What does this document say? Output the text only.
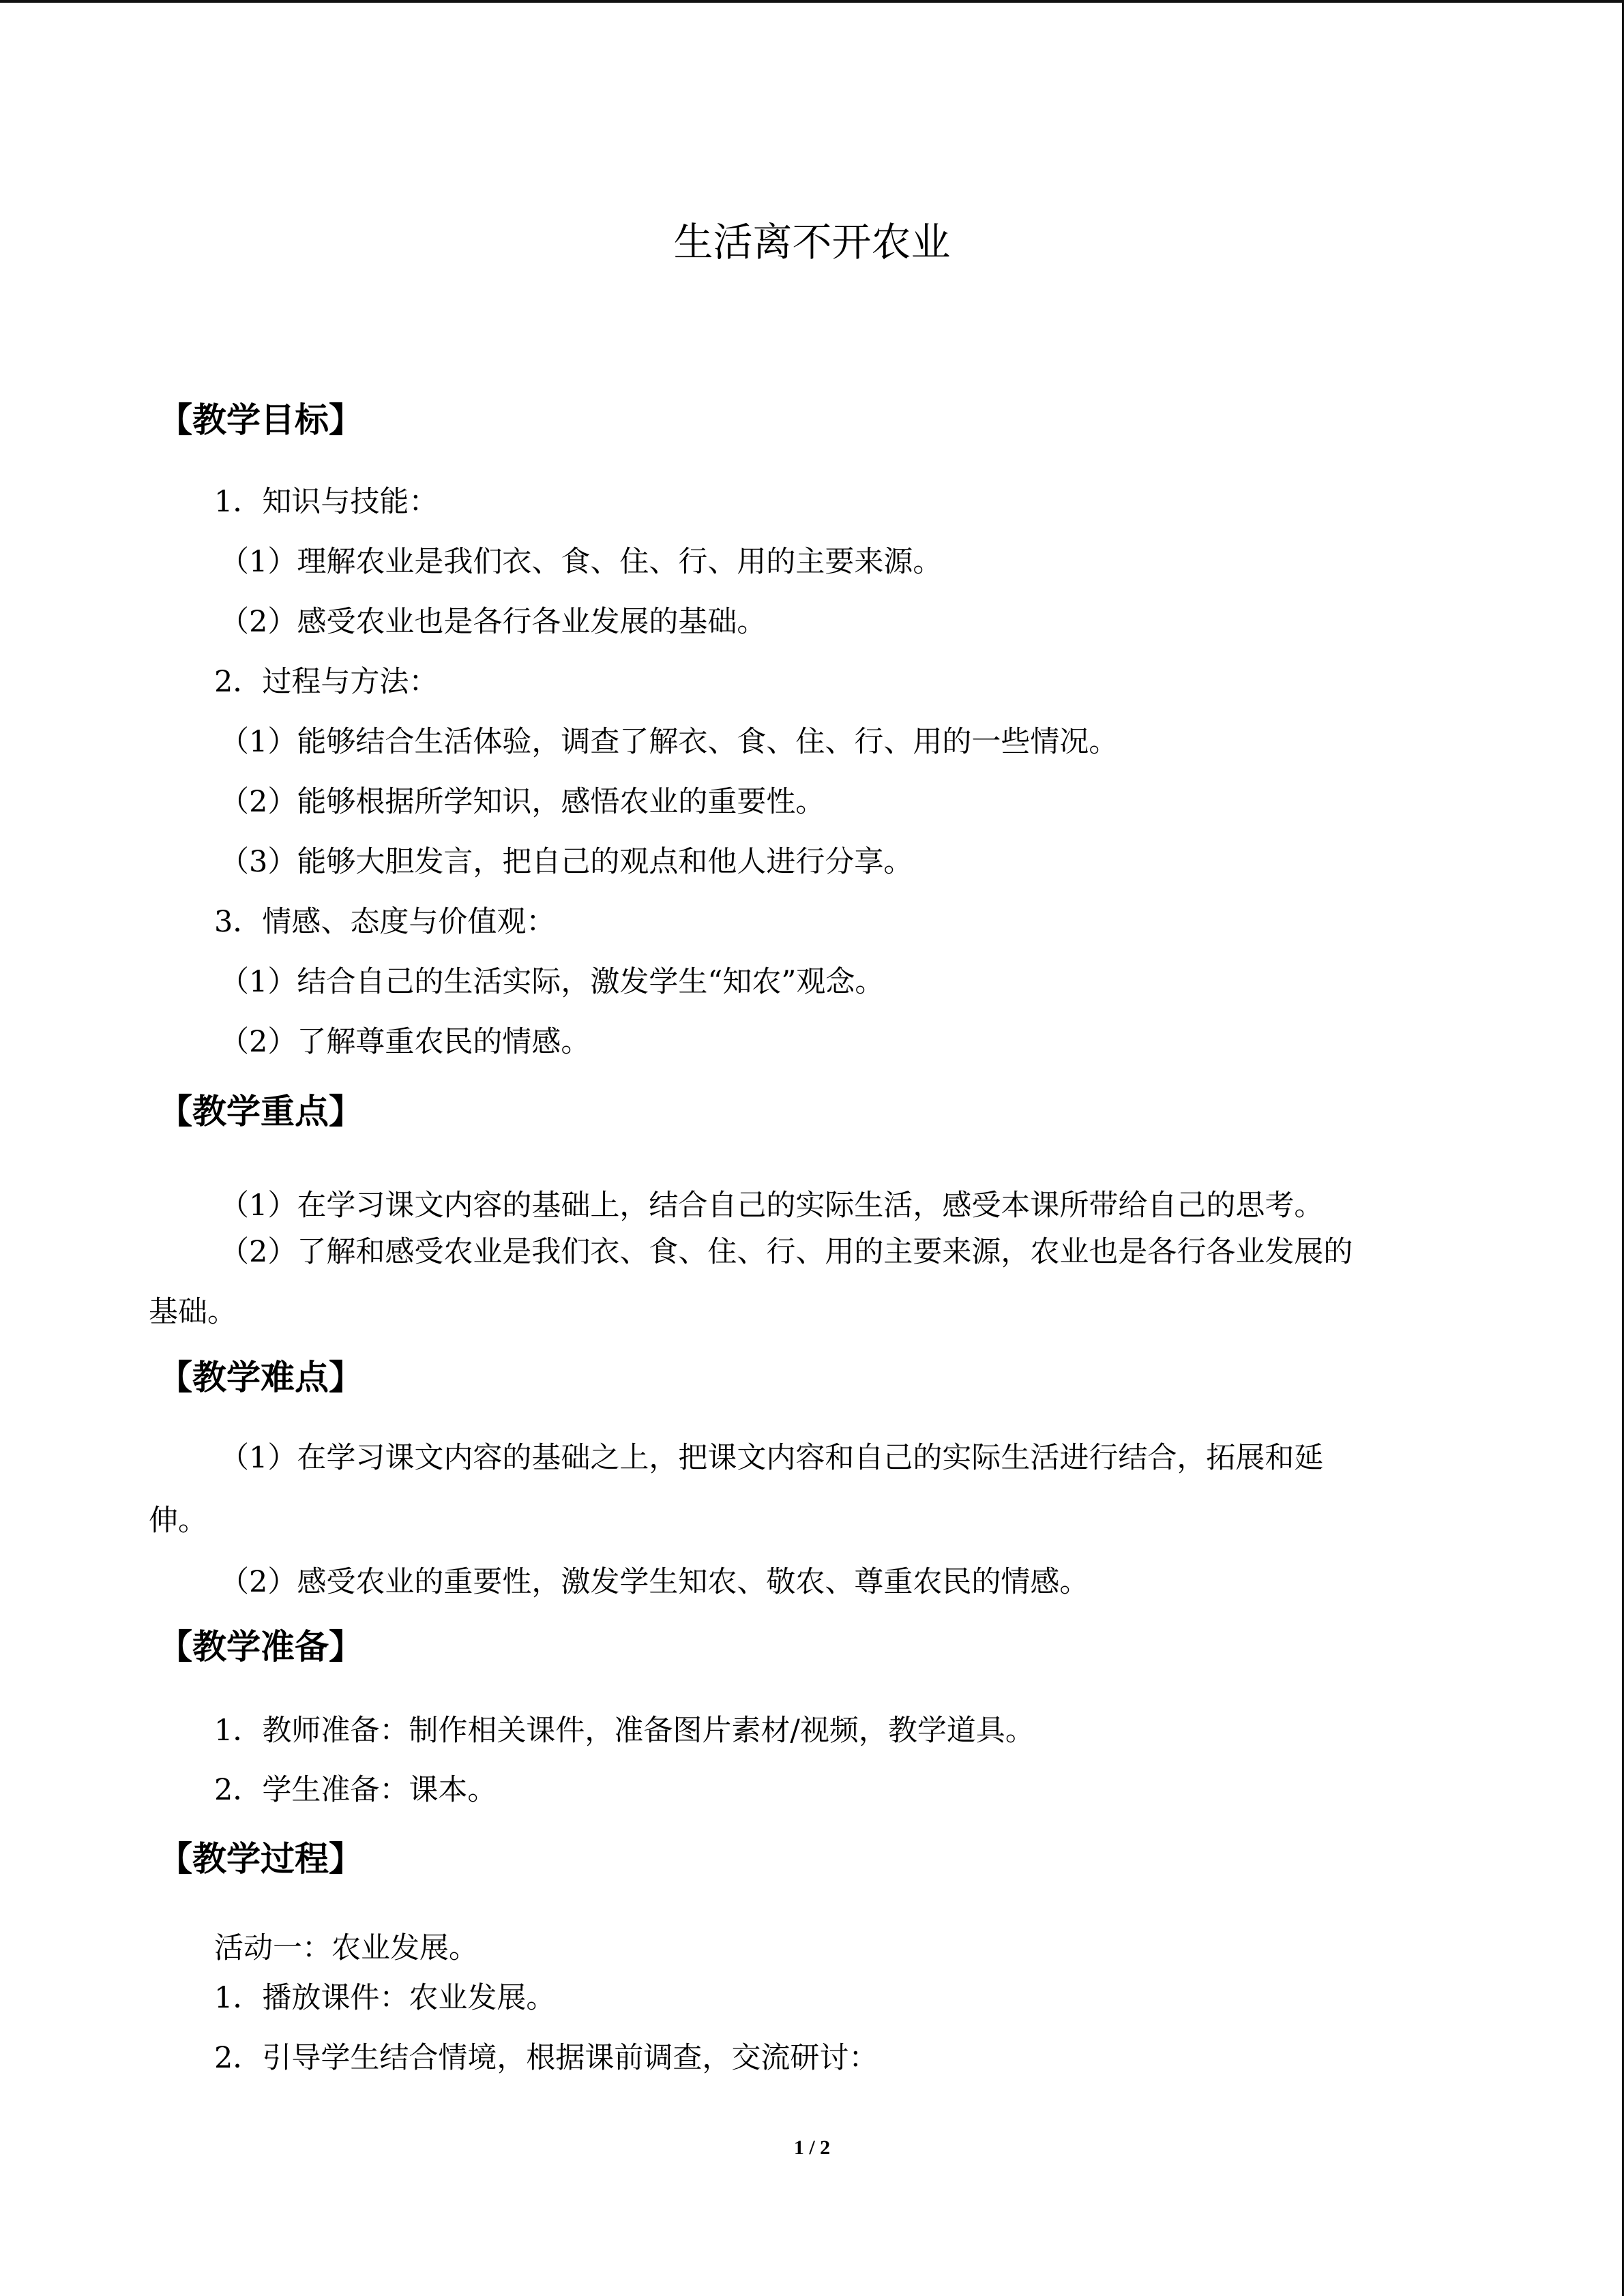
生活离不开农业
【教学目标】
1．知识与技能：
（1）理解农业是我们衣、食、住、行、用的主要来源。
（2）感受农业也是各行各业发展的基础。
2．过程与方法：
（1）能够结合生活体验，调查了解衣、食、住、行、用的一些情况。
（2）能够根据所学知识，感悟农业的重要性。
（3）能够大胆发言，把自己的观点和他人进行分享。
3．情感、态度与价值观：
（1）结合自己的生活实际，激发学生“知农”观念。
（2）了解尊重农民的情感。
【教学重点】
（1）在学习课文内容的基础上，结合自己的实际生活，感受本课所带给自己的思考。
（2）了解和感受农业是我们衣、食、住、行、用的主要来源，农业也是各行各业发展的
基础。
【教学难点】
（1）在学习课文内容的基础之上，把课文内容和自己的实际生活进行结合，拓展和延
伸。
（2）感受农业的重要性，激发学生知农、敬农、尊重农民的情感。
【教学准备】
1．教师准备：制作相关课件，准备图片素材/视频，教学道具。
2．学生准备：课本。
【教学过程】
活动一：农业发展。
1．播放课件：农业发展。
2．引导学生结合情境，根据课前调查，交流研讨：
1 / 2
